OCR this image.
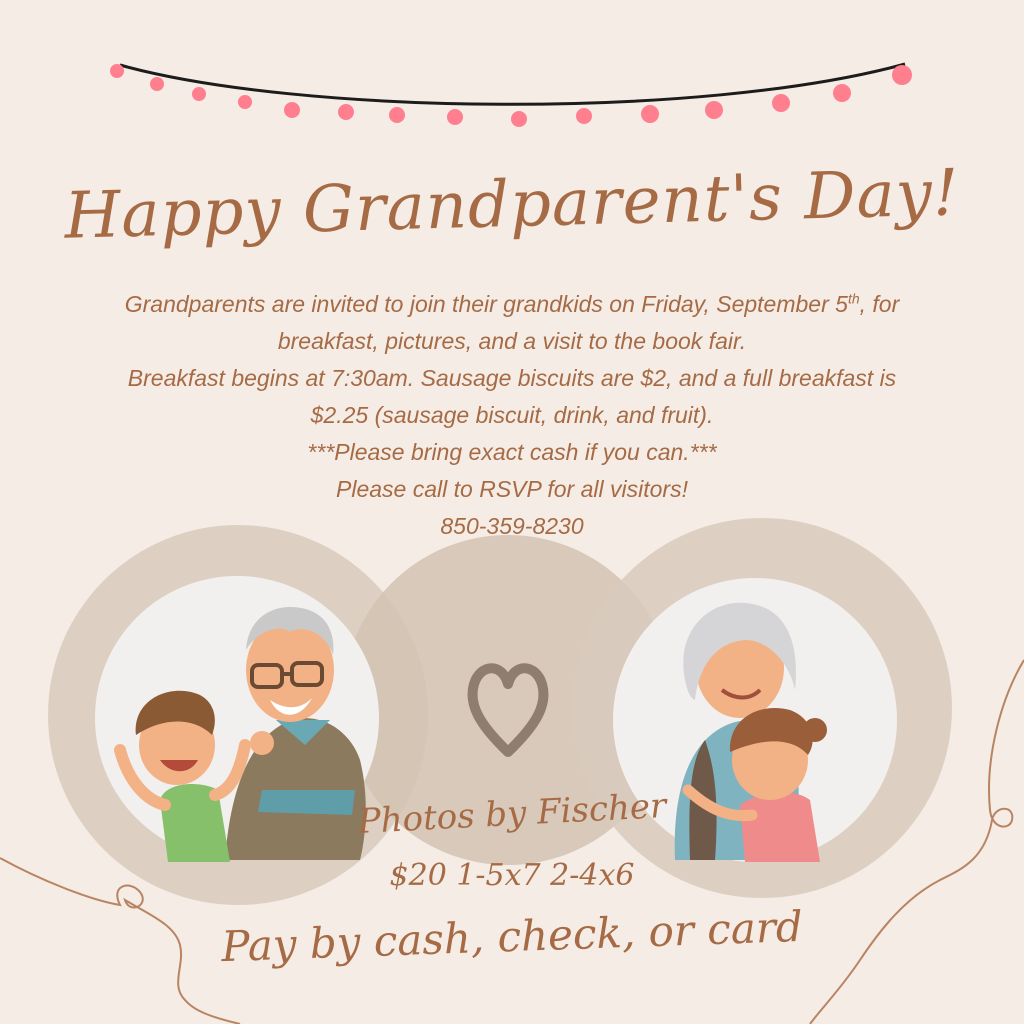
Happy Grandparent's Day!

Grandparents are invited to join their grandkids on Friday, September 5th, for

breakfast, pictures, and a visit to the book fair.

Breakfast begins at 7:30am. Sausage biscuits are $2, and a full breakfast is

$2.25 (sausage biscuit, drink, and fruit).

***Please bring exact cash if you can.***

Please call to RSVP for all visitors!

850-359-8230

Photos by Fischer
$20 1-5x7 2-4x6
Pay by cash, check, or card
